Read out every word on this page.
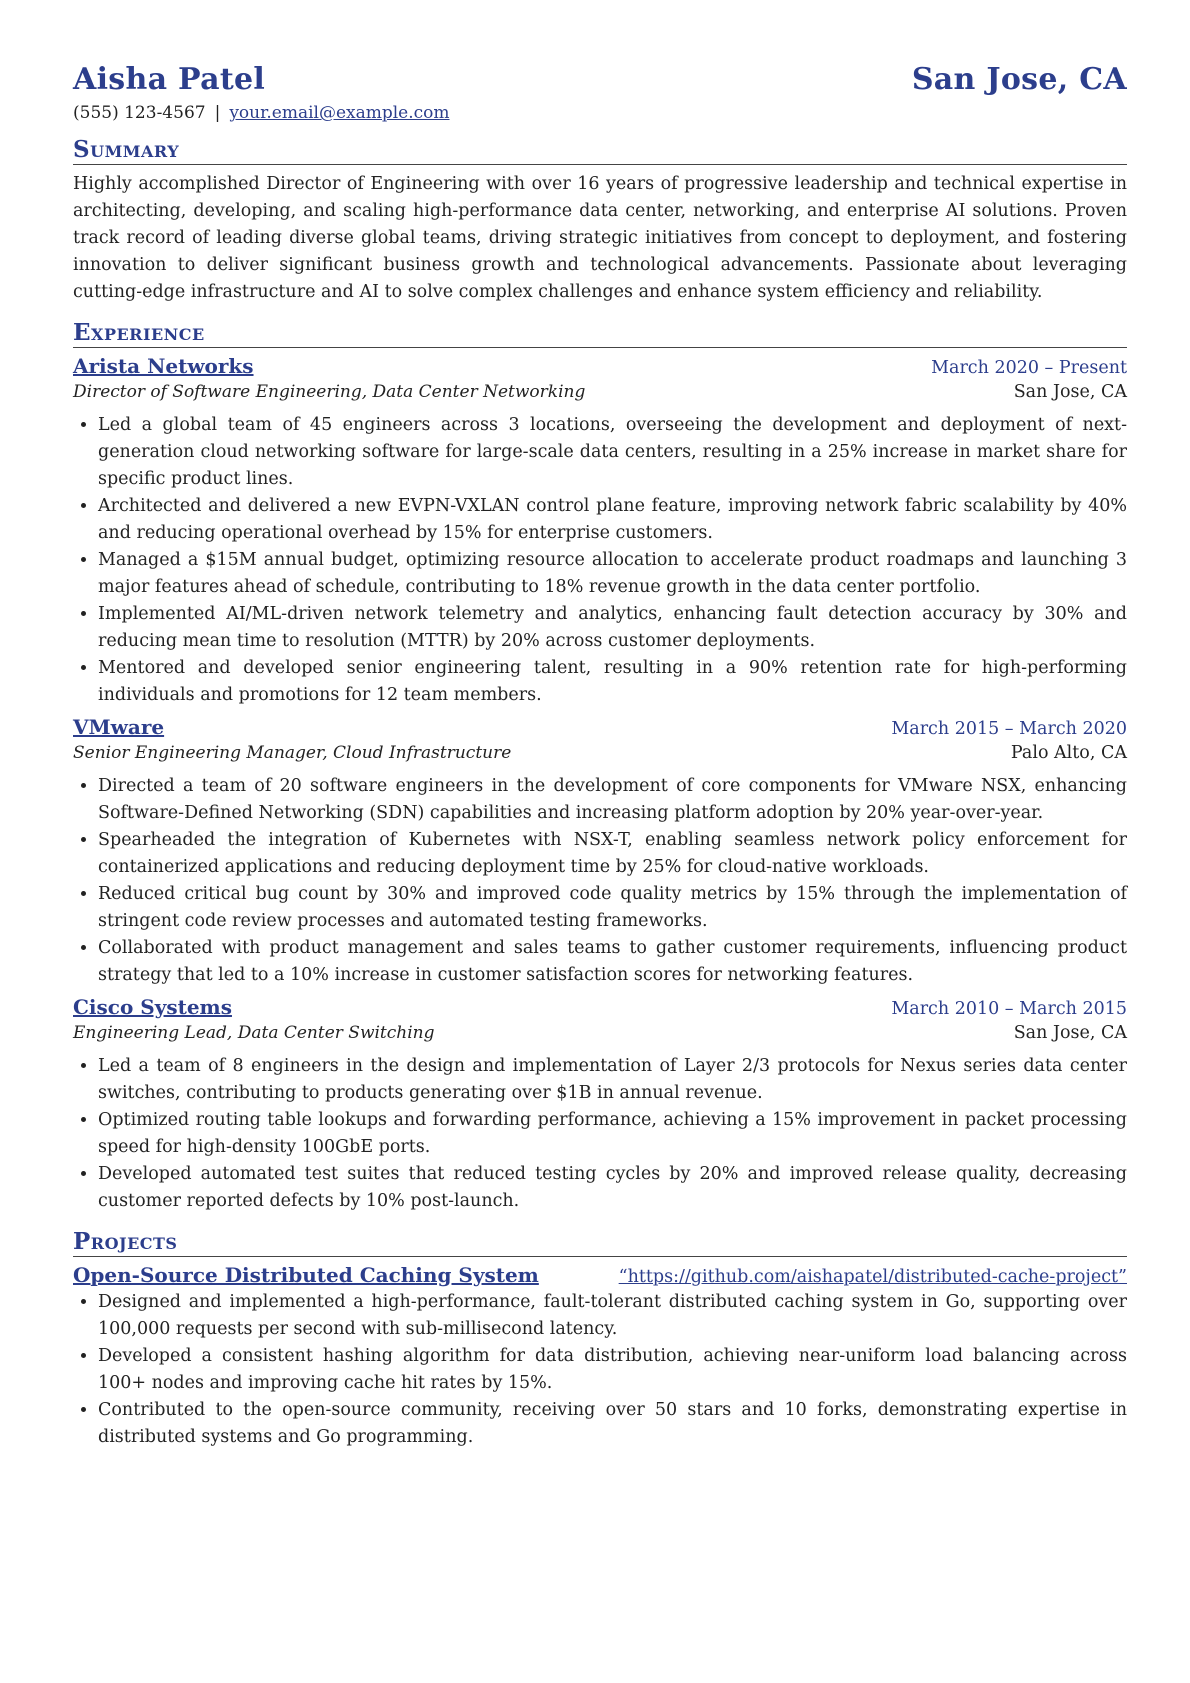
Aisha Patel	San Jose, CA
(555) 123-4567 | your.email@example.com
Summary
Highly accomplished Director of Engineering with over 16 years of progressive leadership and technical expertise in architecting, developing, and scaling high-performance data center, networking, and enterprise AI solutions. Proven track record of leading diverse global teams, driving strategic initiatives from concept to deployment, and fostering innovation to deliver significant business growth and technological advancements. Passionate about leveraging cutting-edge infrastructure and AI to solve complex challenges and enhance system efficiency and reliability.
Experience
Arista Networks	March 2020 – Present
Director of Software Engineering, Data Center Networking	San Jose, CA
• Led a global team of 45 engineers across 3 locations, overseeing the development and deployment of next-generation cloud networking software for large-scale data centers, resulting in a 25% increase in market share for specific product lines.
• Architected and delivered a new EVPN-VXLAN control plane feature, improving network fabric scalability by 40% and reducing operational overhead by 15% for enterprise customers.
• Managed a $15M annual budget, optimizing resource allocation to accelerate product roadmaps and launching 3 major features ahead of schedule, contributing to 18% revenue growth in the data center portfolio.
• Implemented AI/ML-driven network telemetry and analytics, enhancing fault detection accuracy by 30% and reducing mean time to resolution (MTTR) by 20% across customer deployments.
• Mentored and developed senior engineering talent, resulting in a 90% retention rate for high-performing individuals and promotions for 12 team members.
VMware	March 2015 – March 2020
Senior Engineering Manager, Cloud Infrastructure	Palo Alto, CA
• Directed a team of 20 software engineers in the development of core components for VMware NSX, enhancing Software-Defined Networking (SDN) capabilities and increasing platform adoption by 20% year-over-year.
• Spearheaded the integration of Kubernetes with NSX-T, enabling seamless network policy enforcement for containerized applications and reducing deployment time by 25% for cloud-native workloads.
• Reduced critical bug count by 30% and improved code quality metrics by 15% through the implementation of stringent code review processes and automated testing frameworks.
• Collaborated with product management and sales teams to gather customer requirements, influencing product strategy that led to a 10% increase in customer satisfaction scores for networking features.
Cisco Systems	March 2010 – March 2015
Engineering Lead, Data Center Switching	San Jose, CA
• Led a team of 8 engineers in the design and implementation of Layer 2/3 protocols for Nexus series data center switches, contributing to products generating over $1B in annual revenue.
• Optimized routing table lookups and forwarding performance, achieving a 15% improvement in packet processing speed for high-density 100GbE ports.
• Developed automated test suites that reduced testing cycles by 20% and improved release quality, decreasing customer reported defects by 10% post-launch.
Projects
Open-Source Distributed Caching System	“https://github.com/aishapatel/distributed-cache-project”
• Designed and implemented a high-performance, fault-tolerant distributed caching system in Go, supporting over 100,000 requests per second with sub-millisecond latency.
• Developed a consistent hashing algorithm for data distribution, achieving near-uniform load balancing across 100+ nodes and improving cache hit rates by 15%.
• Contributed to the open-source community, receiving over 50 stars and 10 forks, demonstrating expertise in distributed systems and Go programming.
